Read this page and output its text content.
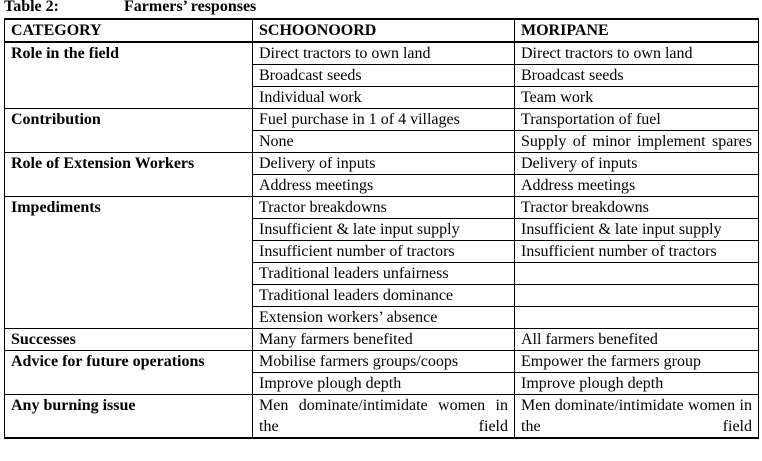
Table 2:	Farmers’ responses
CATEGORY	SCHOONOORD	MORIPANE
Role in the field	Direct tractors to own land	Direct tractors to own land
	Broadcast seeds	Broadcast seeds
	Individual work	Team work
Contribution	Fuel purchase in 1 of 4 villages	Transportation of fuel
	None	Supply of minor implement spares

Role of Extension Workers	Delivery of inputs	Delivery of inputs
	Address meetings	Address meetings
Impediments	Tractor breakdowns	Tractor breakdowns
	Insufficient & late input supply	Insufficient & late input supply
	Insufficient number of tractors	Insufficient number of tractors
	Traditional leaders unfairness	
	Traditional leaders dominance	
	Extension workers’ absence	
Successes	Many farmers benefited	All farmers benefited
Advice for future operations	Mobilise farmers groups/coops	Empower the farmers group
	Improve plough depth	Improve plough depth
Any burning issue	Men dominate/intimidate women in the field	Men dominate/intimidate women in the field
